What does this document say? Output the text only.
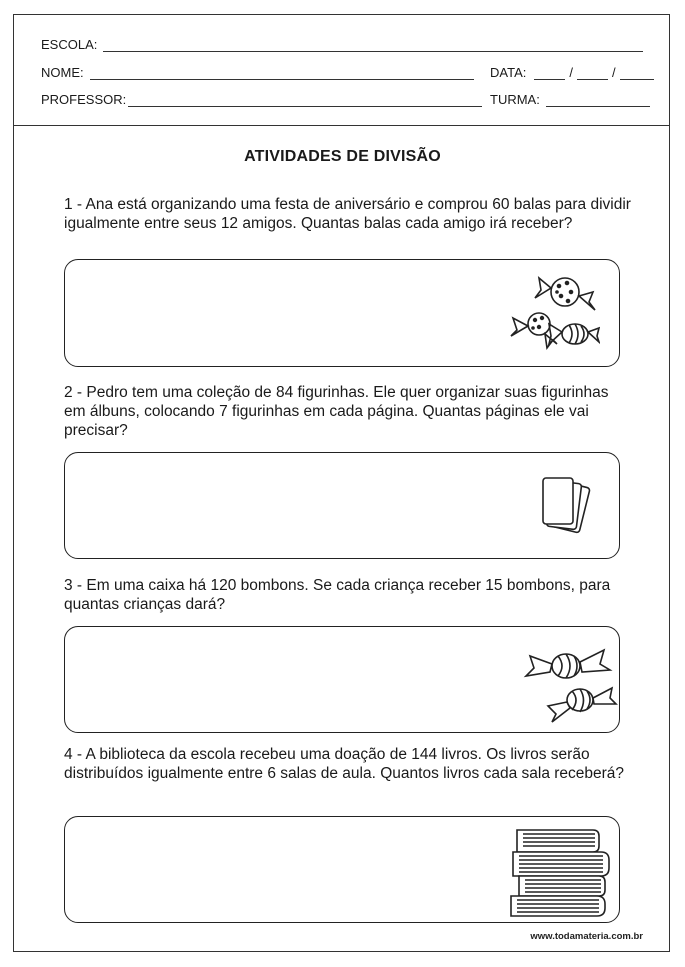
ESCOLA:
NOME:	DATA:	/	/
PROFESSOR:	TURMA:
ATIVIDADES DE DIVISÃO
1 - Ana está organizando uma festa de aniversário e comprou 60 balas para dividir igualmente entre seus 12 amigos. Quantas balas cada amigo irá receber?
2 - Pedro tem uma coleção de 84 figurinhas. Ele quer organizar suas figurinhas em álbuns, colocando 7 figurinhas em cada página. Quantas páginas ele vai precisar?
3 - Em uma caixa há 120 bombons. Se cada criança receber 15 bombons, para quantas crianças dará?
4 - A biblioteca da escola recebeu uma doação de 144 livros. Os livros serão distribuídos igualmente entre 6 salas de aula. Quantos livros cada sala receberá?
www.todamateria.com.br
